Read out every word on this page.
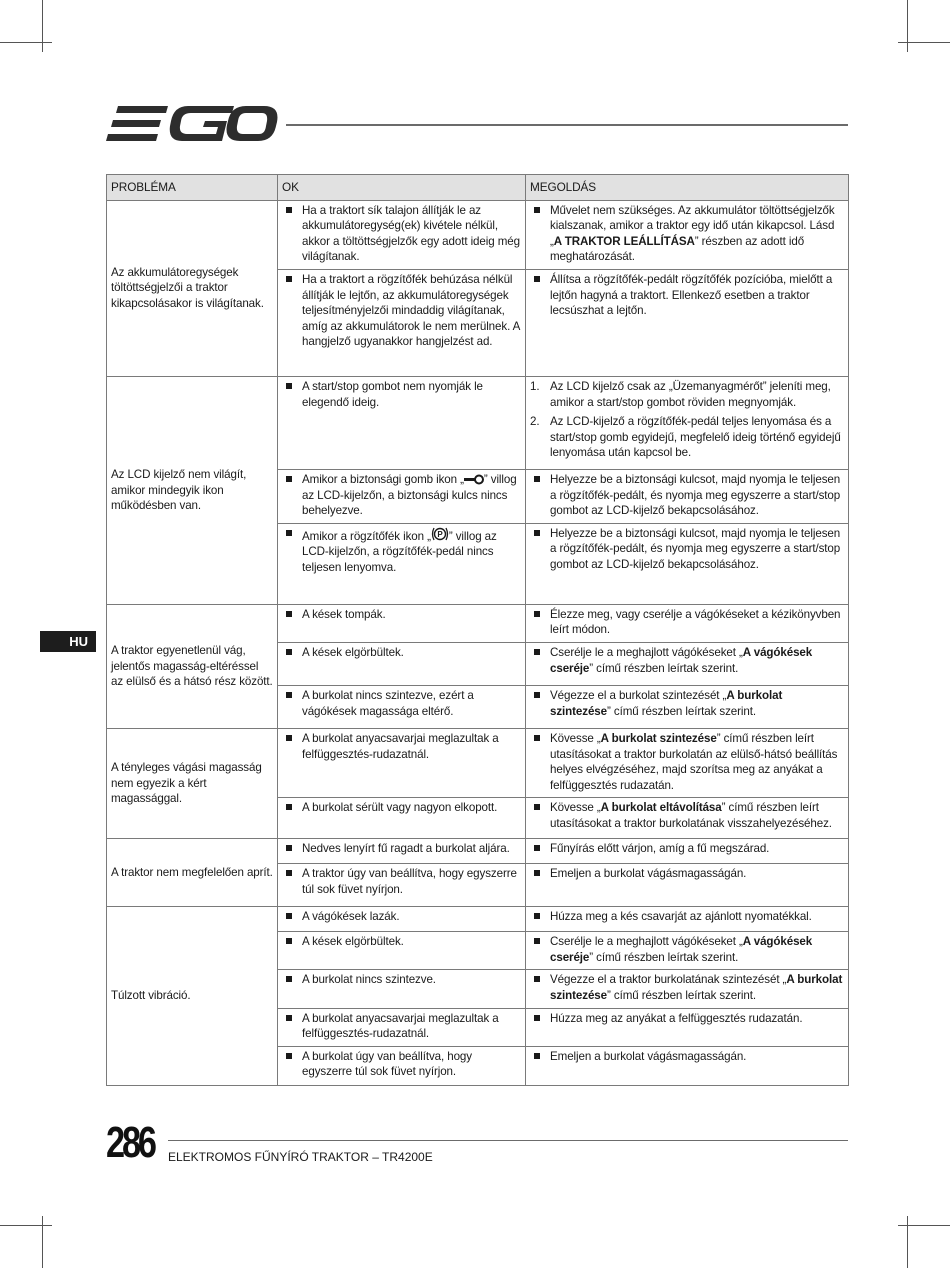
HU
PROBLÉMA	OK	MEGOLDÁS
Az akkumulátoregységek töltöttségjelzői a traktor kikapcsolásakor is világítanak.	Ha a traktort sík talajon állítják le az akkumulátoregység(ek) kivétele nélkül, akkor a töltöttségjelzők egy adott ideig még világítanak.	Művelet nem szükséges. Az akkumulátor töltöttségjelzők kialszanak, amikor a traktor egy idő után kikapcsol. Lásd „A TRAKTOR LEÁLLÍTÁSA” részben az adott idő meghatározását.

	Ha a traktort a rögzítőfék behúzása nélkül állítják le lejtőn, az akkumulátoregységek teljesítményjelzői mindaddig világítanak, amíg az akkumulátorok le nem merülnek. A hangjelző ugyanakkor hangjelzést ad.	Állítsa a rögzítőfék-pedált rögzítőfék pozícióba, mielőtt a lejtőn hagyná a traktort. Ellenkező esetben a traktor lecsúszhat a lejtőn.

Az LCD kijelző nem világít, amikor mindegyik ikon működésben van.	A start/stop gombot nem nyomják le elegendő ideig.	1. Az LCD kijelző csak az „Üzemanyagmérőt” jeleníti meg, amikor a start/stop gombot röviden megnyomják.
2. Az LCD-kijelző a rögzítőfék-pedál teljes lenyomása és a start/stop gomb egyidejű, megfelelő ideig történő egyidejű lenyomása után kapcsol be.

	Amikor a biztonsági gomb ikon „ ” villog az LCD-kijelzőn, a biztonsági kulcs nincs behelyezve.	Helyezze be a biztonsági kulcsot, majd nyomja le teljesen a rögzítőfék-pedált, és nyomja meg egyszerre a start/stop gombot az LCD-kijelző bekapcsolásához.

	Amikor a rögzítőfék ikon „ P ” villog az LCD-kijelzőn, a rögzítőfék-pedál nincs teljesen lenyomva.	Helyezze be a biztonsági kulcsot, majd nyomja le teljesen a rögzítőfék-pedált, és nyomja meg egyszerre a start/stop gombot az LCD-kijelző bekapcsolásához.

A traktor egyenetlenül vág, jelentős magasság-eltéréssel az elülső és a hátsó rész között.	A kések tompák.	Élezze meg, vagy cserélje a vágókéseket a kézikönyvben leírt módon.

	A kések elgörbültek.	Cserélje le a meghajlott vágókéseket „A vágókések cseréje” című részben leírtak szerint.

	A burkolat nincs szintezve, ezért a vágókések magassága eltérő.	Végezze el a burkolat szintezését „A burkolat szintezése” című részben leírtak szerint.

A tényleges vágási magasság nem egyezik a kért magassággal.	A burkolat anyacsavarjai meglazultak a felfüggesztés-rudazatnál.	Kövesse „A burkolat szintezése” című részben leírt utasításokat a traktor burkolatán az elülső-hátsó beállítás helyes elvégzéséhez, majd szorítsa meg az anyákat a felfüggesztés rudazatán.

	A burkolat sérült vagy nagyon elkopott.	Kövesse „A burkolat eltávolítása” című részben leírt utasításokat a traktor burkolatának visszahelyezéséhez.

A traktor nem megfelelően aprít.	Nedves lenyírt fű ragadt a burkolat aljára.	Fűnyírás előtt várjon, amíg a fű megszárad.

	A traktor úgy van beállítva, hogy egyszerre túl sok füvet nyírjon.	Emeljen a burkolat vágásmagasságán.

Túlzott vibráció.	A vágókések lazák.	Húzza meg a kés csavarját az ajánlott nyomatékkal.

	A kések elgörbültek.	Cserélje le a meghajlott vágókéseket „A vágókések cseréje” című részben leírtak szerint.

	A burkolat nincs szintezve.	Végezze el a traktor burkolatának szintezését „A burkolat szintezése” című részben leírtak szerint.

	A burkolat anyacsavarjai meglazultak a felfüggesztés-rudazatnál.	Húzza meg az anyákat a felfüggesztés rudazatán.

	A burkolat úgy van beállítva, hogy egyszerre túl sok füvet nyírjon.	Emeljen a burkolat vágásmagasságán.
286 ELEKTROMOS FŰNYÍRÓ TRAKTOR – TR4200E
